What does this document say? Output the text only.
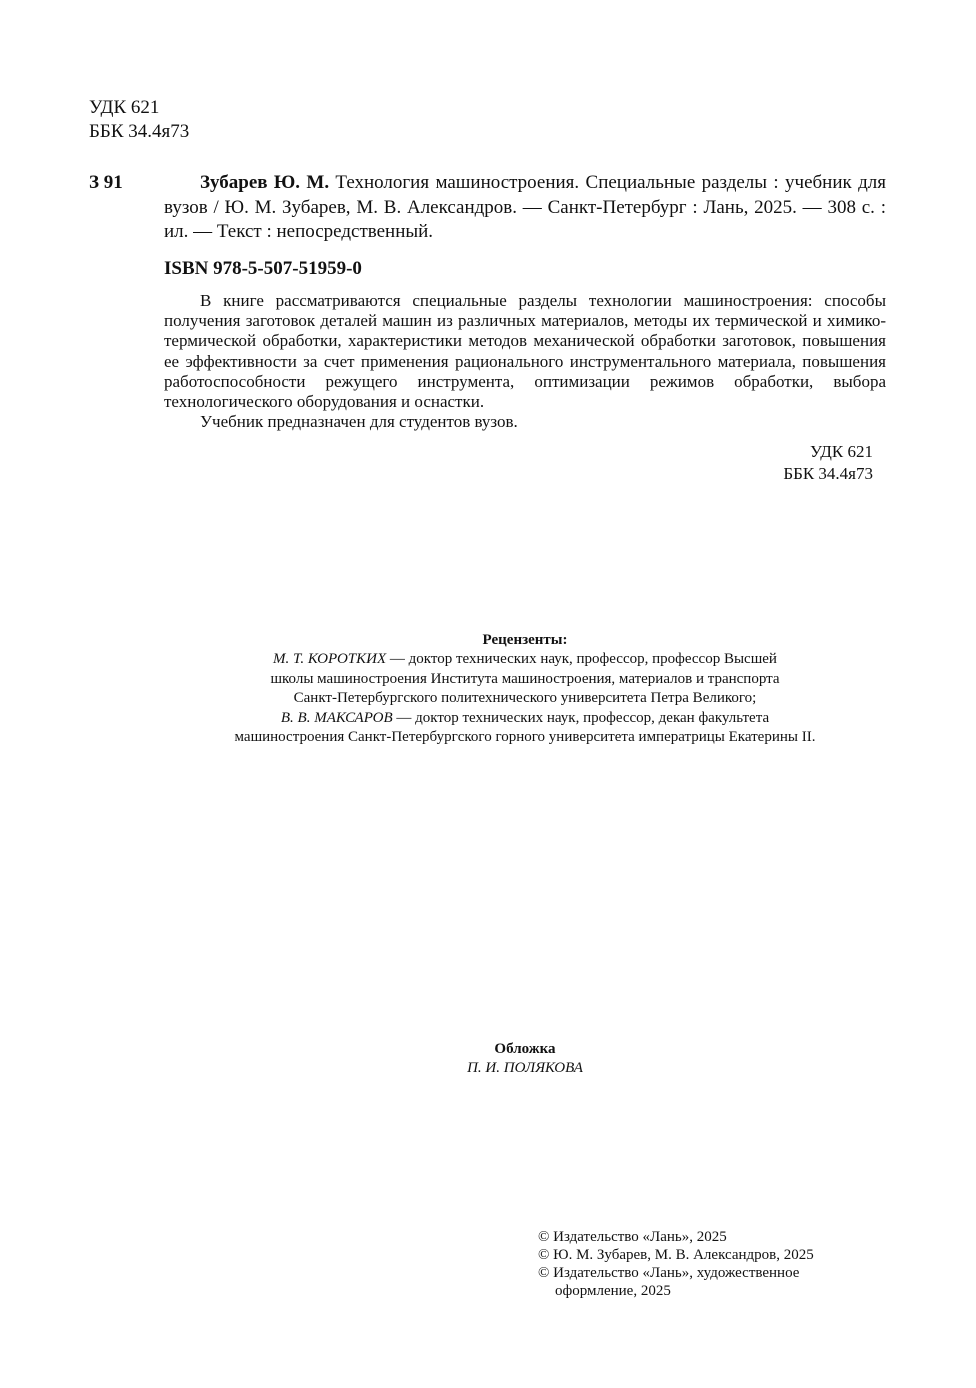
УДК 621
ББК 34.4я73
З 91	Зубарев Ю. М. Технология машиностроения. Специальные разделы : учебник для вузов / Ю. М. Зубарев, М. В. Александров. — Санкт-Петербург : Лань, 2025. — 308 с. : ил. — Текст : непосредственный.
ISBN 978-5-507-51959-0

В книге рассматриваются специальные разделы технологии машиностроения: способы получения заготовок деталей машин из различных материалов, методы их термической и химико-термической обработки, характеристики методов механической обработки заготовок, повышения ее эффективности за счет применения рационального инструментального материала, повышения работоспособности режущего инструмента, оптимизации режимов обработки, выбора технологического оборудования и оснастки.

Учебник предназначен для студентов вузов.

УДК 621
ББК 34.4я73
Рецензенты:
М. Т. КОРОТКИХ — доктор технических наук, профессор, профессор Высшей
школы машиностроения Института машиностроения, материалов и транспорта
Санкт-Петербургского политехнического университета Петра Великого;
В. В. МАКСАРОВ — доктор технических наук, профессор, декан факультета
машиностроения Санкт-Петербургского горного университета императрицы Екатерины II.
Обложка
П. И. ПОЛЯКОВА
© Издательство «Лань», 2025
© Ю. М. Зубарев, М. В. Александров, 2025
© Издательство «Лань», художественное
оформление, 2025
